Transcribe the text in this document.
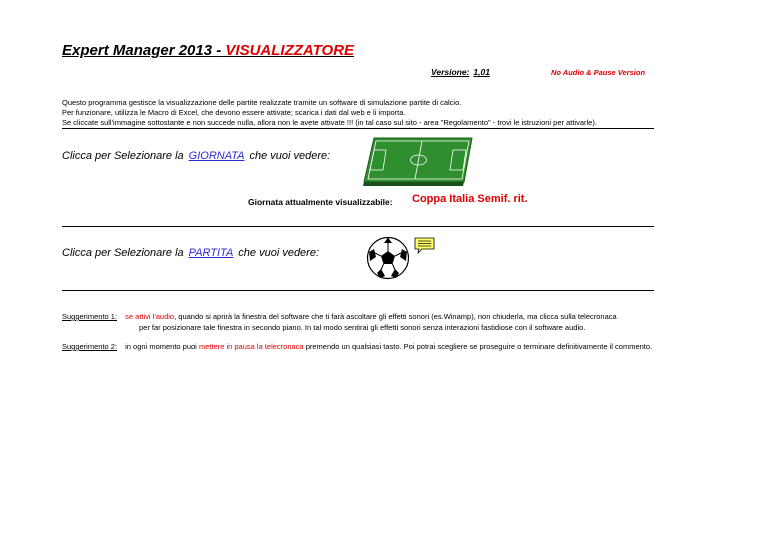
Expert Manager 2013 - VISUALIZZATORE
Versione: 1,01	No Audio & Pause Version
Questo programma gestisce la visualizzazione delle partite realizzate tramite un software di simulazione partite di calcio.
Per funzionare, utilizza le Macro di Excel, che devono essere attivate; scarica i dati dal web e li importa.
Se cliccate sull'immagine sottostante e non succede nulla, allora non le avete attivate !!! (in tal caso sul sito - area "Regolamento" - trovi le istruzioni per attivarle).
Clicca per Selezionare la GIORNATA che vuoi vedere:
Giornata attualmente visualizzabile: Coppa Italia Semif. rit.
Clicca per Selezionare la PARTITA che vuoi vedere:
Suggerimento 1: se attivi l'audio, quando si aprirà la finestra del software che ti farà ascoltare gli effetti sonori (es.Winamp), non chiuderla, ma clicca sulla telecronaca
per far posizionare tale finestra in secondo piano. In tal modo sentirai gli effetti sonori senza interazioni fastidiose con il software audio.
Suggerimento 2: in ogni momento puoi mettere in pausa la telecronaca premendo un qualsiasi tasto. Poi potrai scegliere se proseguire o terminare definitivamente il commento.
